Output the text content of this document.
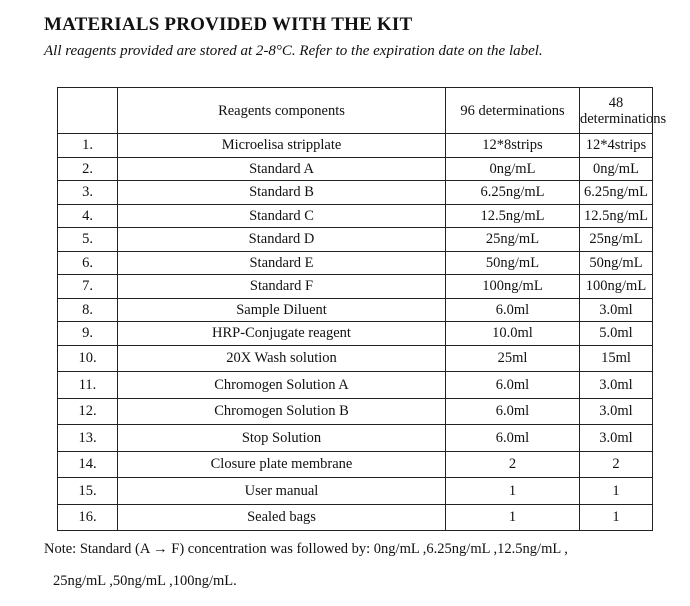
MATERIALS PROVIDED WITH THE KIT

All reagents provided are stored at 2-8°C. Refer to the expiration date on the label.

	Reagents components	96 determinations	48 determinations
1.	Microelisa stripplate	12*8strips	12*4strips
2.	Standard A	0ng/mL	0ng/mL
3.	Standard B	6.25ng/mL	6.25ng/mL
4.	Standard C	12.5ng/mL	12.5ng/mL
5.	Standard D	25ng/mL	25ng/mL
6.	Standard E	50ng/mL	50ng/mL
7.	Standard F	100ng/mL	100ng/mL
8.	Sample Diluent	6.0ml	3.0ml
9.	HRP-Conjugate reagent	10.0ml	5.0ml
10.	20X Wash solution	25ml	15ml
11.	Chromogen Solution A	6.0ml	3.0ml
12.	Chromogen Solution B	6.0ml	3.0ml
13.	Stop Solution	6.0ml	3.0ml
14.	Closure plate membrane	2	2
15.	User manual	1	1
16.	Sealed bags	1	1

Note: Standard (A → F) concentration was followed by: 0ng/mL ,6.25ng/mL ,12.5ng/mL ,

25ng/mL ,50ng/mL ,100ng/mL.
